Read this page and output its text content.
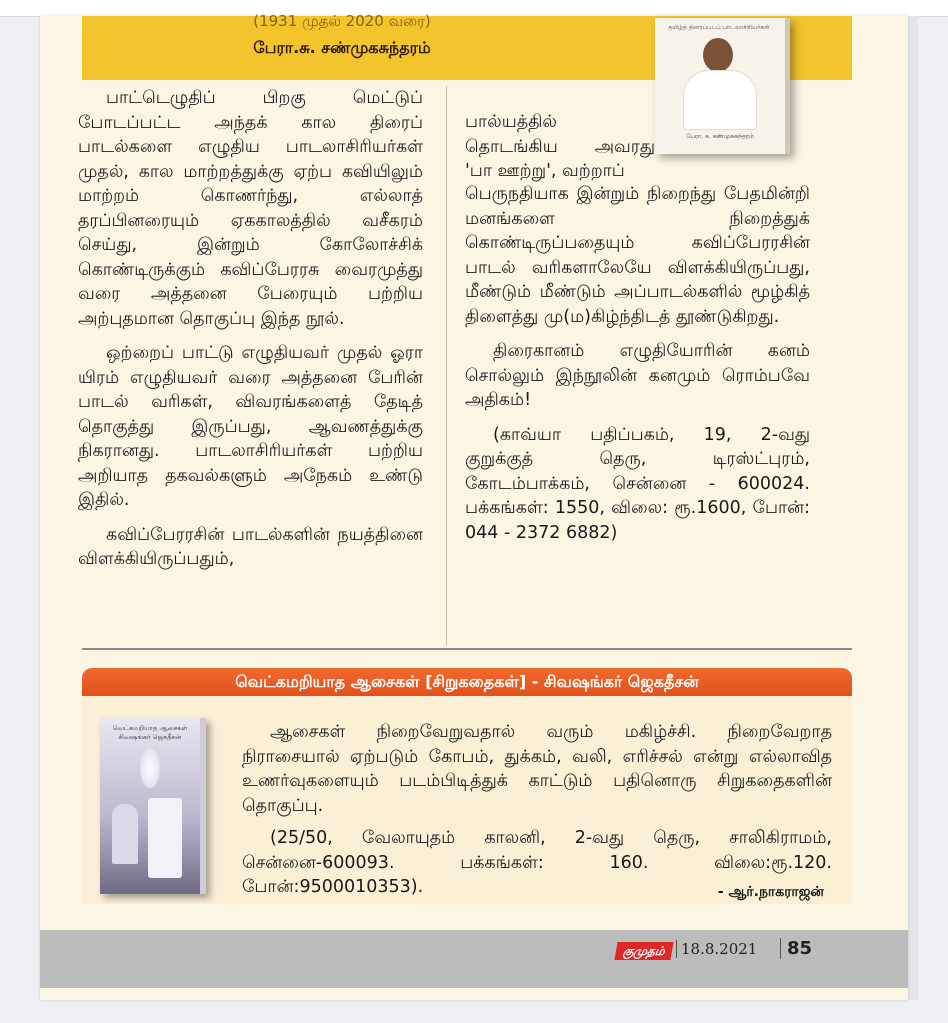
(1931 முதல் 2020 வரை)
பேரா.சு. சண்முகசுந்தரம்
தமிழ்த் திரைப்படப் பாடலாசிரியர்கள்
பேரா. சு. சண்முகசுந்தரம்

பாட்டெழுதிப் பிறகு மெட்டுப் போடப்பட்ட அந்தக் கால திரைப் பாடல்களை எழுதிய பாடலாசிரியர்கள் முதல், கால மாற்றத்துக்கு ஏற்ப கவியிலும் மாற்றம் கொணர்ந்து, எல்லாத் தரப்பினரையும் ஏககாலத்தில் வசீகரம் செய்து, இன்றும் கோலோச்சிக் கொண்டிருக்கும் கவிப்பேரரசு வைரமுத்து வரை அத்தனை பேரையும் பற்றிய அற்புதமான தொகுப்பு இந்த நூல்.

ஒற்றைப் பாட்டு எழுதியவர் முதல் ஓரா யிரம் எழுதியவர் வரை அத்தனை பேரின் பாடல் வரிகள், விவரங்களைத் தேடித் தொகுத்து இருப்பது, ஆவணத்துக்கு நிகரானது. பாடலாசிரியர்கள் பற்றிய அறியாத தகவல்களும் அநேகம் உண்டு இதில்.

கவிப்பேரரசின் பாடல்களின் நயத்தினை விளக்கியிருப்பதும்,

பால்யத்தில் தொடங்கிய அவரது 'பா ஊற்று', வற்றாப்

பெருநதியாக இன்றும் நிறைந்து பேதமின்றி மனங்களை நிறைத்துக் கொண்டிருப்பதையும் கவிப்பேரரசின் பாடல் வரிகளாலேயே விளக்கியிருப்பது, மீண்டும் மீண்டும் அப்பாடல்களில் மூழ்கித் திளைத்து மு(ம)கிழ்ந்திடத் தூண்டுகிறது.

திரைகானம் எழுதியோரின் கனம் சொல்லும் இந்நூலின் கனமும் ரொம்பவே அதிகம்!

(காவ்யா பதிப்பகம், 19, 2-வது குறுக்குத் தெரு, டிரஸ்ட்புரம், கோடம்பாக்கம், சென்னை - 600024. பக்கங்கள்: 1550, விலை: ரூ.1600, போன்: 044 - 2372 6882)

வெட்கமறியாத ஆசைகள் [சிறுகதைகள்] - சிவஷங்கர் ஜெகதீசன்
வெட்கமறியாத ஆசைகள் சிவஷங்கர் ஜெகதீசன்	ஆசைகள் நிறைவேறுவதால் வரும் மகிழ்ச்சி. நிறைவேறாத நிராசையால் ஏற்படும் கோபம், துக்கம், வலி, எரிச்சல் என்று எல்லாவித உணர்வுகளையும் படம்பிடித்துக் காட்டும் பதினொரு சிறுகதைகளின் தொகுப்பு.

(25/50, வேலாயுதம் காலனி, 2-வது தெரு, சாலிகிராமம், சென்னை-600093. பக்கங்கள்: 160. விலை:ரூ.120. போன்:9500010353).	- ஆர்.நாகராஜன்
குமுதம்	18.8.2021	85
